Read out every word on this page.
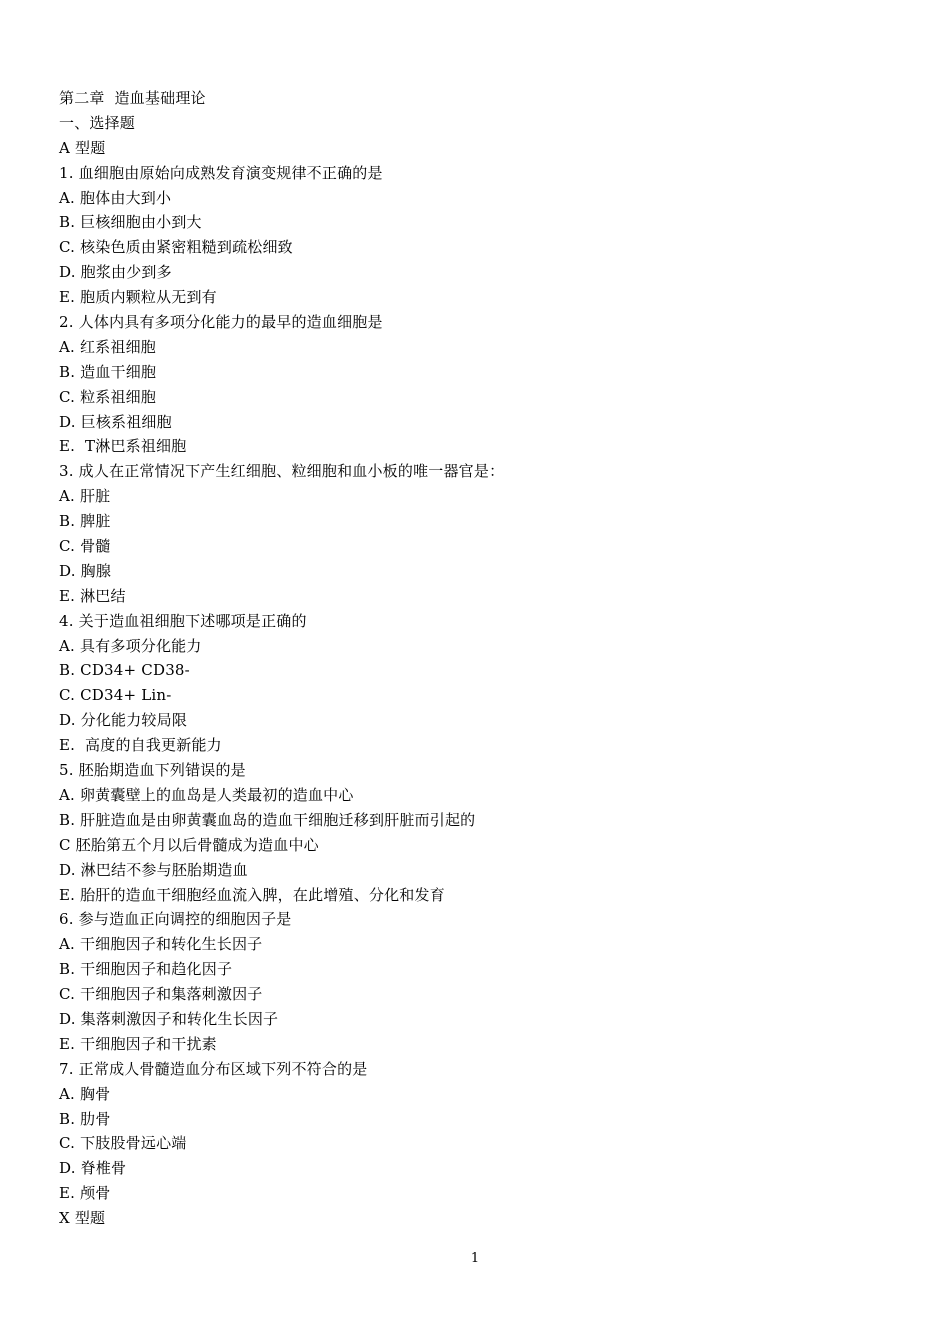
第二章  造血基础理论
一、选择题
A 型题
1. 血细胞由原始向成熟发育演变规律不正确的是
A. 胞体由大到小
B. 巨核细胞由小到大
C. 核染色质由紧密粗糙到疏松细致
D. 胞浆由少到多
E. 胞质内颗粒从无到有
2. 人体内具有多项分化能力的最早的造血细胞是
A. 红系祖细胞
B. 造血干细胞
C. 粒系祖细胞
D. 巨核系祖细胞
E.  T淋巴系祖细胞
3. 成人在正常情况下产生红细胞、粒细胞和血小板的唯一器官是：
A. 肝脏
B. 脾脏
C. 骨髓
D. 胸腺
E. 淋巴结
4. 关于造血祖细胞下述哪项是正确的
A. 具有多项分化能力
B. CD34+ CD38-
C. CD34+ Lin-
D. 分化能力较局限
E.  高度的自我更新能力
5. 胚胎期造血下列错误的是
A. 卵黄囊壁上的血岛是人类最初的造血中心
B. 肝脏造血是由卵黄囊血岛的造血干细胞迁移到肝脏而引起的
C 胚胎第五个月以后骨髓成为造血中心
D. 淋巴结不参与胚胎期造血
E. 胎肝的造血干细胞经血流入脾，在此增殖、分化和发育
6. 参与造血正向调控的细胞因子是
A. 干细胞因子和转化生长因子
B. 干细胞因子和趋化因子
C. 干细胞因子和集落刺激因子
D. 集落刺激因子和转化生长因子
E. 干细胞因子和干扰素
7. 正常成人骨髓造血分布区域下列不符合的是
A. 胸骨
B. 肋骨
C. 下肢股骨远心端
D. 脊椎骨
E. 颅骨
X 型题
1
